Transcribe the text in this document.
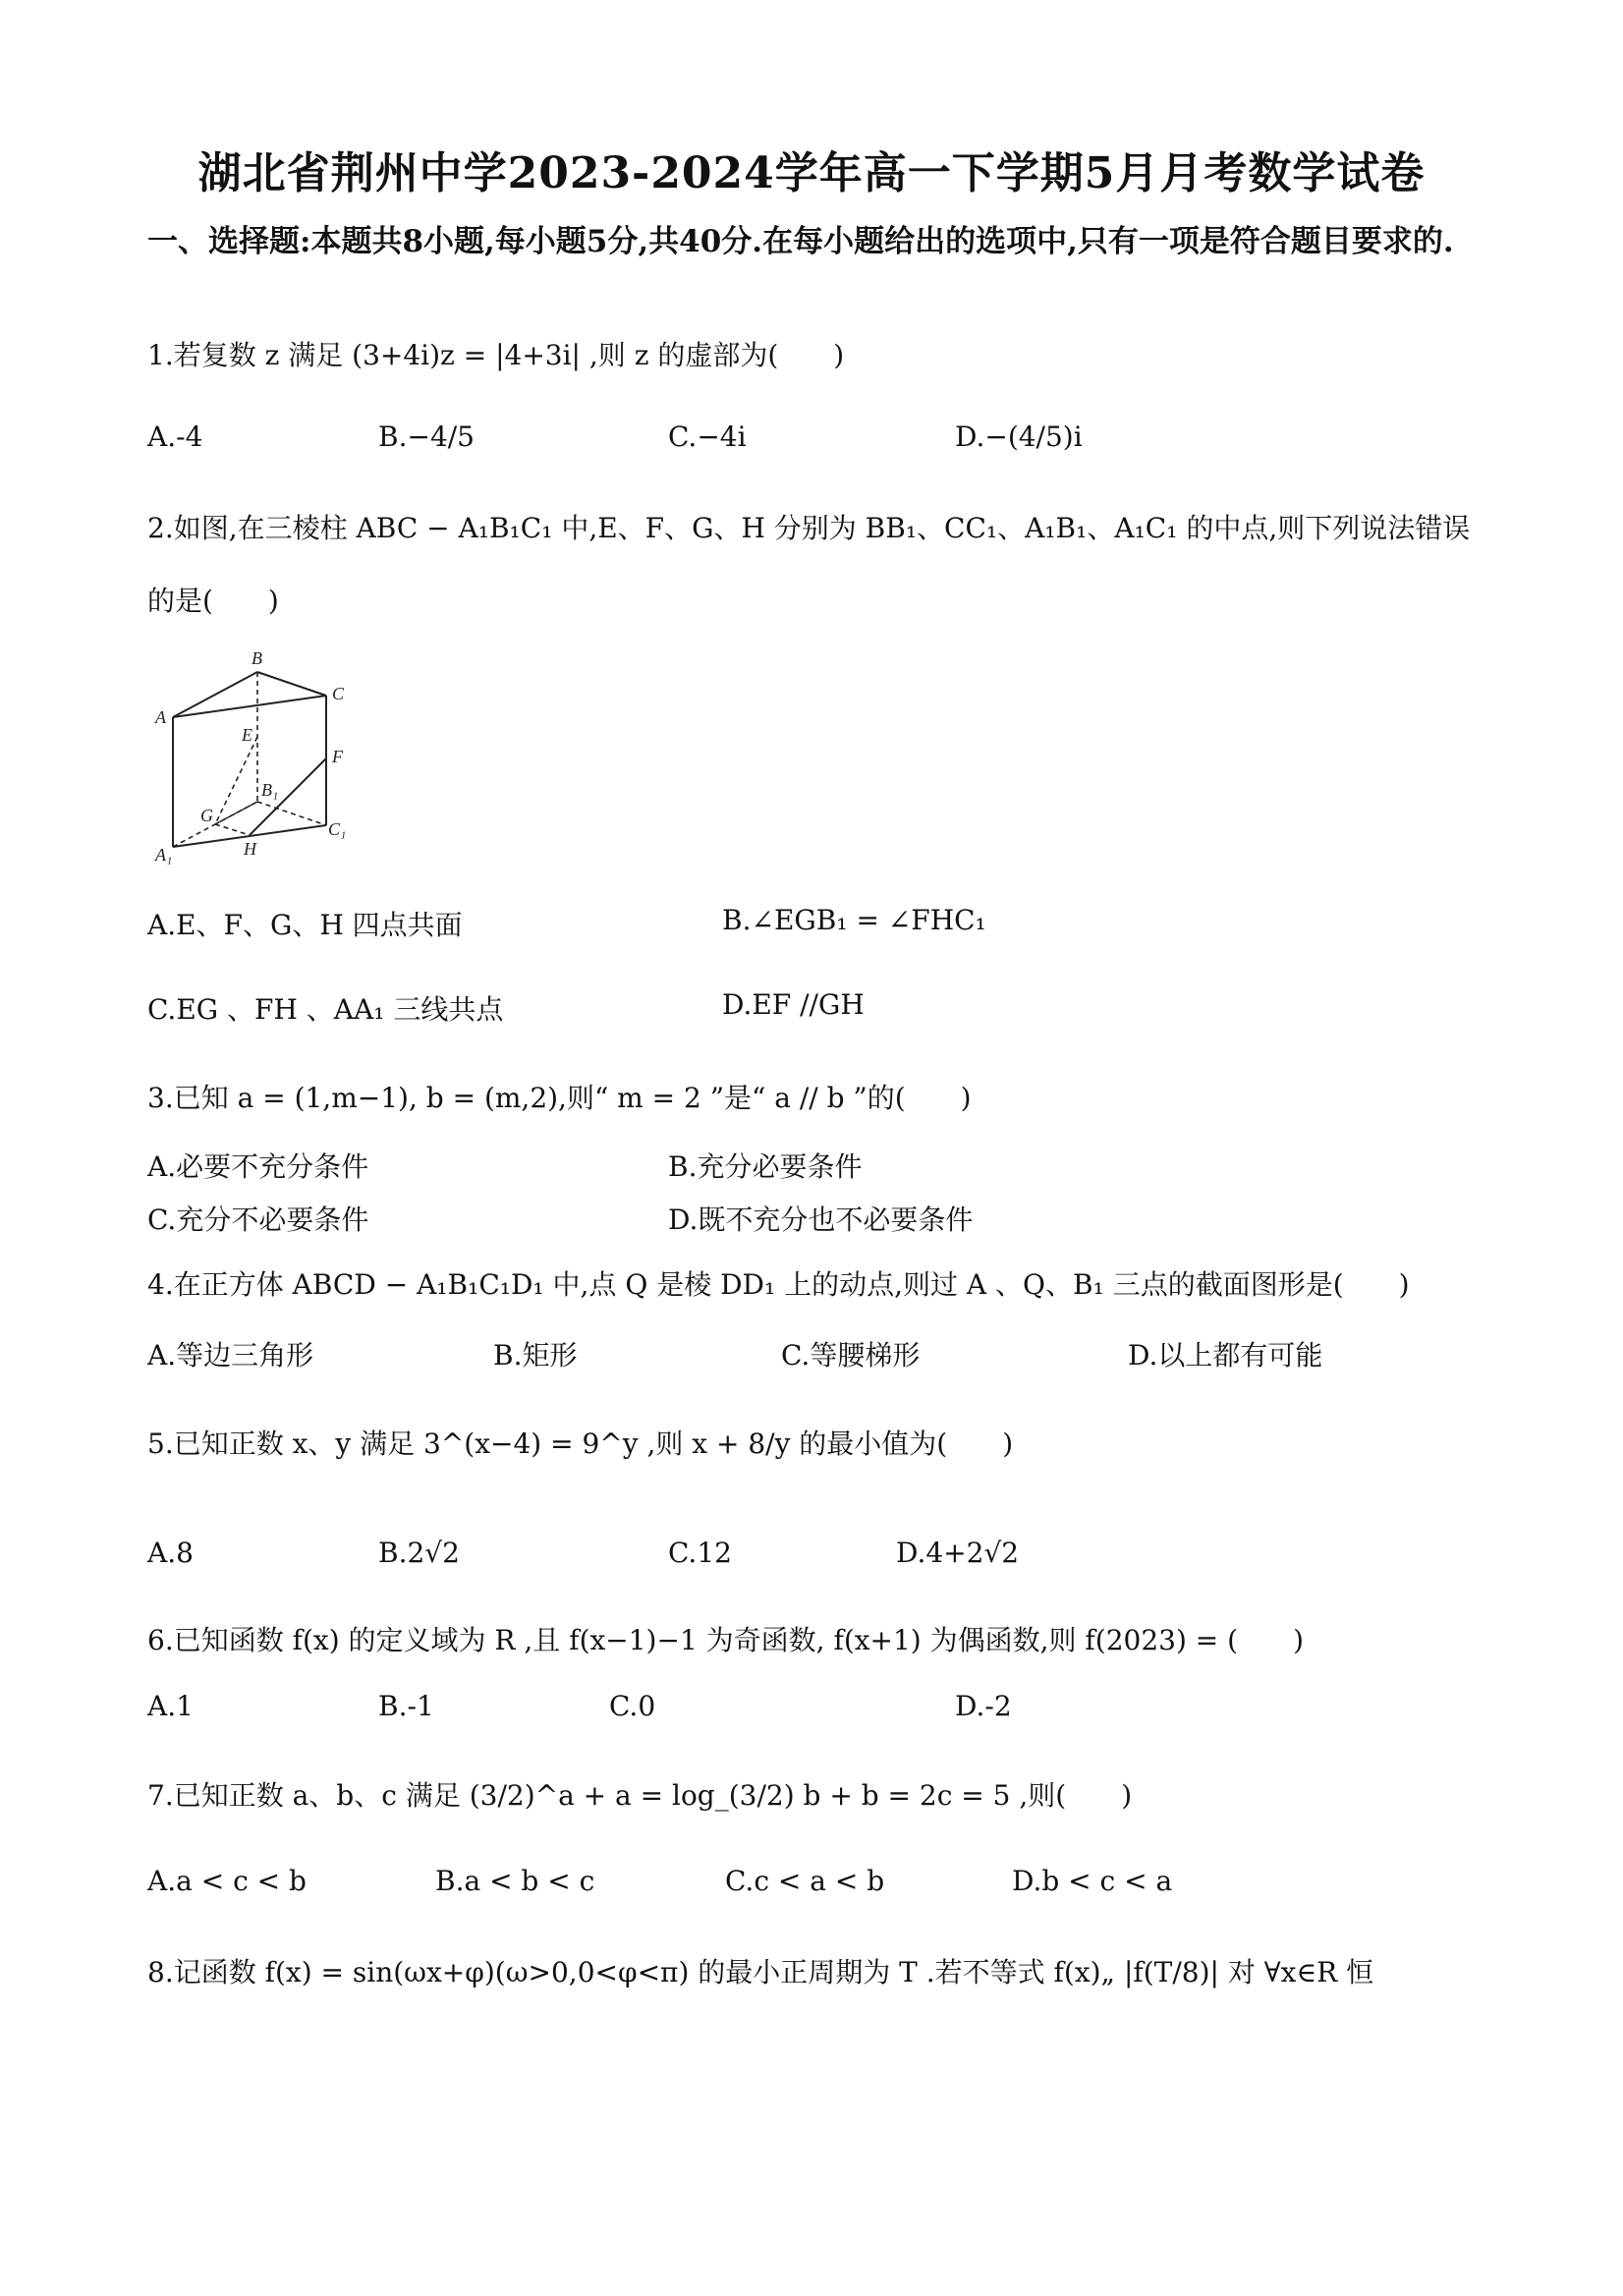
湖北省荆州中学2023-2024学年高一下学期5月月考数学试卷
一、选择题:本题共8小题,每小题5分,共40分.在每小题给出的选项中,只有一项是符合题目要求的.
1.若复数 z 满足 (3+4i)z = |4+3i| ,则 z 的虚部为(　　)
A.-4	B.−4/5	C.−4i	D.−(4/5)i
2.如图,在三棱柱 ABC − A₁B₁C₁ 中,E、F、G、H 分别为 BB₁、CC₁、A₁B₁、A₁C₁ 的中点,则下列说法错误
的是(　　)
A
B
C
E
F
B₁
G
A₁	H
C₁
A.E、F、G、H 四点共面	B.∠EGB₁ = ∠FHC₁
C.EG 、FH 、AA₁ 三线共点	D.EF //GH
3.已知 a = (1,m−1), b = (m,2),则“ m = 2 ”是“ a // b ”的(　　)
A.必要不充分条件	B.充分必要条件
C.充分不必要条件	D.既不充分也不必要条件
4.在正方体 ABCD − A₁B₁C₁D₁ 中,点 Q 是棱 DD₁ 上的动点,则过 A 、Q、B₁ 三点的截面图形是(　　)
A.等边三角形	B.矩形	C.等腰梯形	D.以上都有可能
5.已知正数 x、y 满足 3^(x−4) = 9^y ,则 x + 8/y 的最小值为(　　)
A.8	B.2√2	C.12	D.4+2√2
6.已知函数 f(x) 的定义域为 R ,且 f(x−1)−1 为奇函数, f(x+1) 为偶函数,则 f(2023) = (　　)
A.1	B.-1	C.0	D.-2
7.已知正数 a、b、c 满足 (3/2)^a + a = log_(3/2) b + b = 2c = 5 ,则(　　)
A.a < c < b	B.a < b < c	C.c < a < b	D.b < c < a
8.记函数 f(x) = sin(ωx+φ)(ω>0,0<φ<π) 的最小正周期为 T .若不等式 f(x)„ |f(T/8)| 对 ∀x∈R 恒
